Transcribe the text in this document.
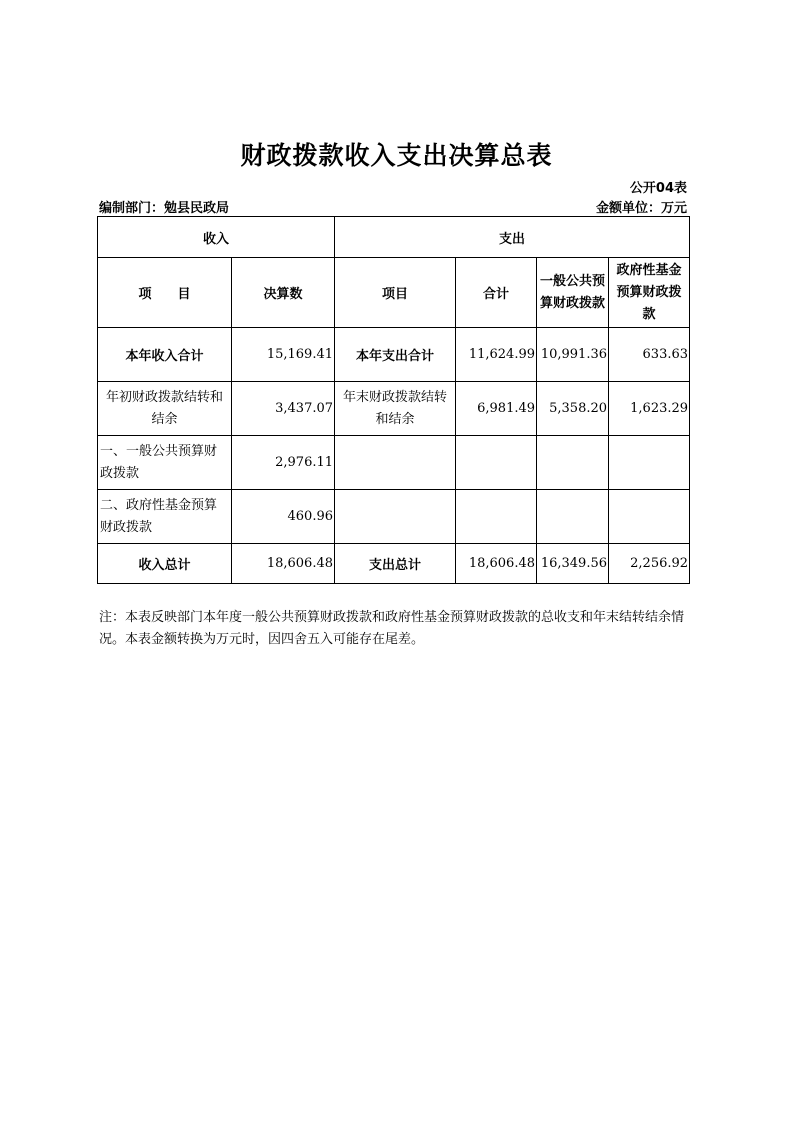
财政拨款收入支出决算总表
公开04表
编制部门：勉县民政局	金额单位：万元
收入		支出			
项　　目	决算数	项目	合计	一般公共预算财政拨款	政府性基金预算财政拨款
本年收入合计	15,169.41	本年支出合计	11,624.99	10,991.36	633.63
年初财政拨款结转和结余	3,437.07	年末财政拨款结转和结余	6,981.49	5,358.20	1,623.29
一、一般公共预算财政拨款	2,976.11				
二、政府性基金预算财政拨款	460.96				
收入总计	18,606.48	支出总计	18,606.48	16,349.56	2,256.92
注：本表反映部门本年度一般公共预算财政拨款和政府性基金预算财政拨款的总收支和年末结转结余情况。本表金额转换为万元时，因四舍五入可能存在尾差。
